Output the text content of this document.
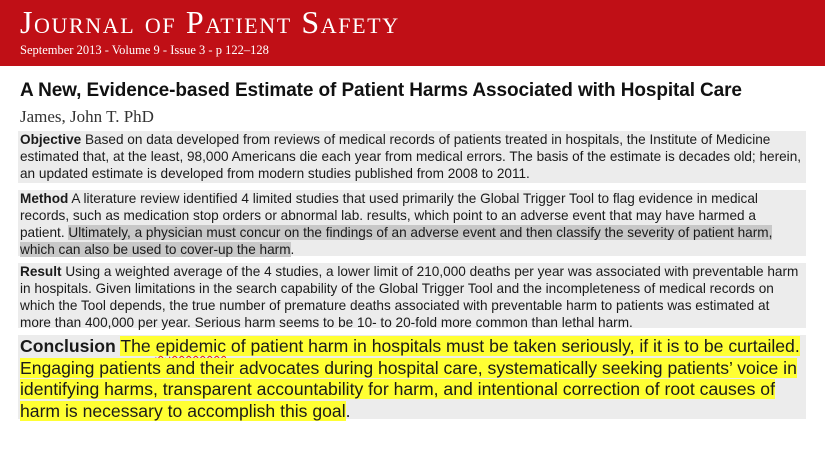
Journal of Patient Safety
September 2013 - Volume 9 - Issue 3 - p 122–128
A New, Evidence-based Estimate of Patient Harms Associated with Hospital Care
James, John T. PhD
Objective Based on data developed from reviews of medical records of patients treated in hospitals, the Institute of Medicine estimated that, at the least, 98,000 Americans die each year from medical errors. The basis of the estimate is decades old; herein, an updated estimate is developed from modern studies published from 2008 to 2011.
Method A literature review identified 4 limited studies that used primarily the Global Trigger Tool to flag evidence in medical records, such as medication stop orders or abnormal lab. results, which point to an adverse event that may have harmed a patient. Ultimately, a physician must concur on the findings of an adverse event and then classify the severity of patient harm, which can also be used to cover-up the harm.
Result Using a weighted average of the 4 studies, a lower limit of 210,000 deaths per year was associated with preventable harm in hospitals. Given limitations in the search capability of the Global Trigger Tool and the incompleteness of medical records on which the Tool depends, the true number of premature deaths associated with preventable harm to patients was estimated at more than 400,000 per year. Serious harm seems to be 10- to 20-fold more common than lethal harm.
Conclusion The epidemic of patient harm in hospitals must be taken seriously, if it is to be curtailed. Engaging patients and their advocates during hospital care, systematically seeking patients’ voice in identifying harms, transparent accountability for harm, and intentional correction of root causes of harm is necessary to accomplish this goal.
